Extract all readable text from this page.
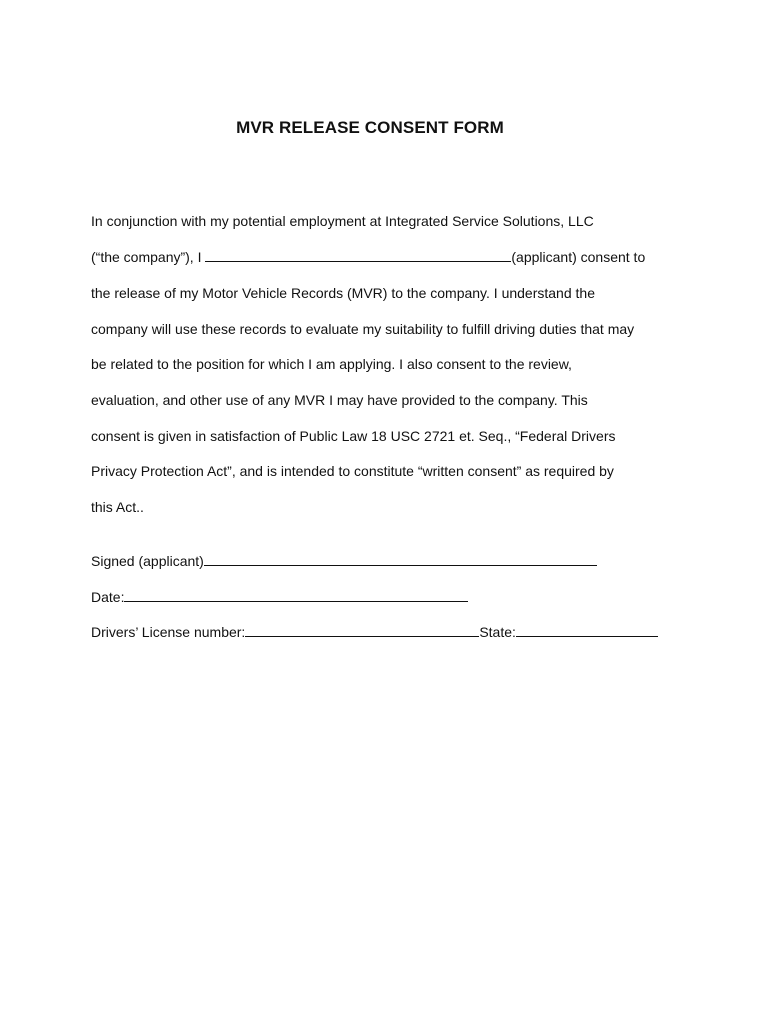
MVR RELEASE CONSENT FORM
In conjunction with my potential employment at Integrated Service Solutions, LLC
(“the company”), I	(applicant) consent to
the release of my Motor Vehicle Records (MVR) to the company. I understand the
company will use these records to evaluate my suitability to fulfill driving duties that may
be related to the position for which I am applying. I also consent to the review,
evaluation, and other use of any MVR I may have provided to the company. This
consent is given in satisfaction of Public Law 18 USC 2721 et. Seq., “Federal Drivers
Privacy Protection Act”, and is intended to constitute “written consent” as required by
this Act..
Signed (applicant)
Date:
Drivers’ License number:	State:
